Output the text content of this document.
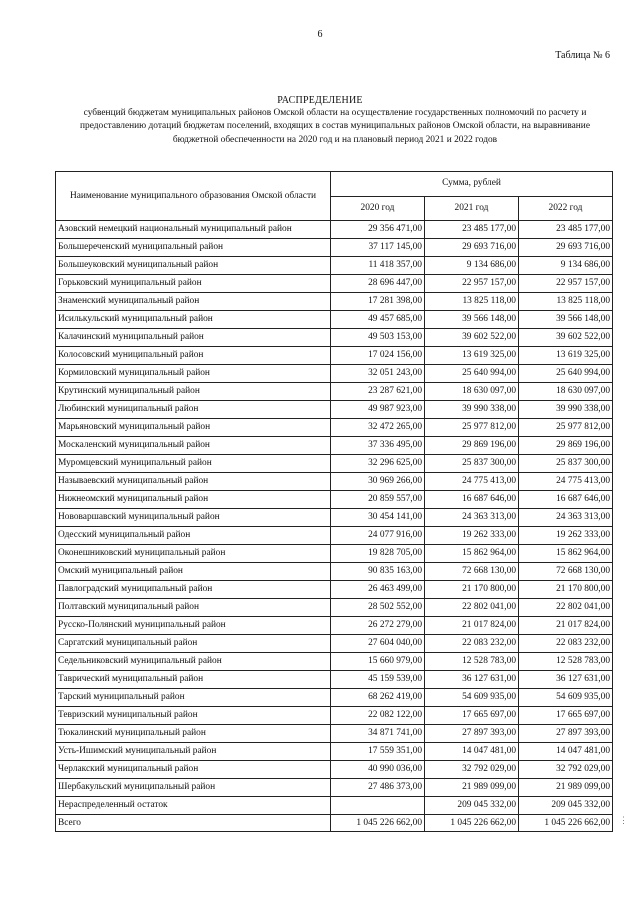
6
Таблица № 6
РАСПРЕДЕЛЕНИЕ
субвенций бюджетам муниципальных районов Омской области на осуществление государственных полномочий по расчету и предоставлению дотаций бюджетам поселений, входящих в состав муниципальных районов Омской области, на выравнивание бюджетной обеспеченности на 2020 год и на плановый период 2021 и 2022 годов
Наименование муниципального образования Омской области	Сумма, рублей		
	2020 год	2021 год	2022 год
Азовский немецкий национальный муниципальный район	29 356 471,00	23 485 177,00	23 485 177,00
Большереченский муниципальный район	37 117 145,00	29 693 716,00	29 693 716,00
Большеуковский муниципальный район	11 418 357,00	9 134 686,00	9 134 686,00
Горьковский муниципальный район	28 696 447,00	22 957 157,00	22 957 157,00
Знаменский муниципальный район	17 281 398,00	13 825 118,00	13 825 118,00
Исилькульский муниципальный район	49 457 685,00	39 566 148,00	39 566 148,00
Калачинский муниципальный район	49 503 153,00	39 602 522,00	39 602 522,00
Колосовский муниципальный район	17 024 156,00	13 619 325,00	13 619 325,00
Кормиловский муниципальный район	32 051 243,00	25 640 994,00	25 640 994,00
Крутинский муниципальный район	23 287 621,00	18 630 097,00	18 630 097,00
Любинский муниципальный район	49 987 923,00	39 990 338,00	39 990 338,00
Марьяновский муниципальный район	32 472 265,00	25 977 812,00	25 977 812,00
Москаленский муниципальный район	37 336 495,00	29 869 196,00	29 869 196,00
Муромцевский муниципальный район	32 296 625,00	25 837 300,00	25 837 300,00
Называевский муниципальный район	30 969 266,00	24 775 413,00	24 775 413,00
Нижнеомский муниципальный район	20 859 557,00	16 687 646,00	16 687 646,00
Нововаршавский муниципальный район	30 454 141,00	24 363 313,00	24 363 313,00
Одесский муниципальный район	24 077 916,00	19 262 333,00	19 262 333,00
Оконешниковский муниципальный район	19 828 705,00	15 862 964,00	15 862 964,00
Омский муниципальный район	90 835 163,00	72 668 130,00	72 668 130,00
Павлоградский муниципальный район	26 463 499,00	21 170 800,00	21 170 800,00
Полтавский муниципальный район	28 502 552,00	22 802 041,00	22 802 041,00
Русско-Полянский муниципальный район	26 272 279,00	21 017 824,00	21 017 824,00
Саргатский муниципальный район	27 604 040,00	22 083 232,00	22 083 232,00
Седельниковский муниципальный район	15 660 979,00	12 528 783,00	12 528 783,00
Таврический муниципальный район	45 159 539,00	36 127 631,00	36 127 631,00
Тарский муниципальный район	68 262 419,00	54 609 935,00	54 609 935,00
Тевризский муниципальный район	22 082 122,00	17 665 697,00	17 665 697,00
Тюкалинский муниципальный район	34 871 741,00	27 897 393,00	27 897 393,00
Усть-Ишимский муниципальный район	17 559 351,00	14 047 481,00	14 047 481,00
Черлакский муниципальный район	40 990 036,00	32 792 029,00	32 792 029,00
Шербакульский муниципальный район	27 486 373,00	21 989 099,00	21 989 099,00
Нераспределенный остаток		209 045 332,00	209 045 332,00
Всего	1 045 226 662,00	1 045 226 662,00	1 045 226 662,00 ⋮
